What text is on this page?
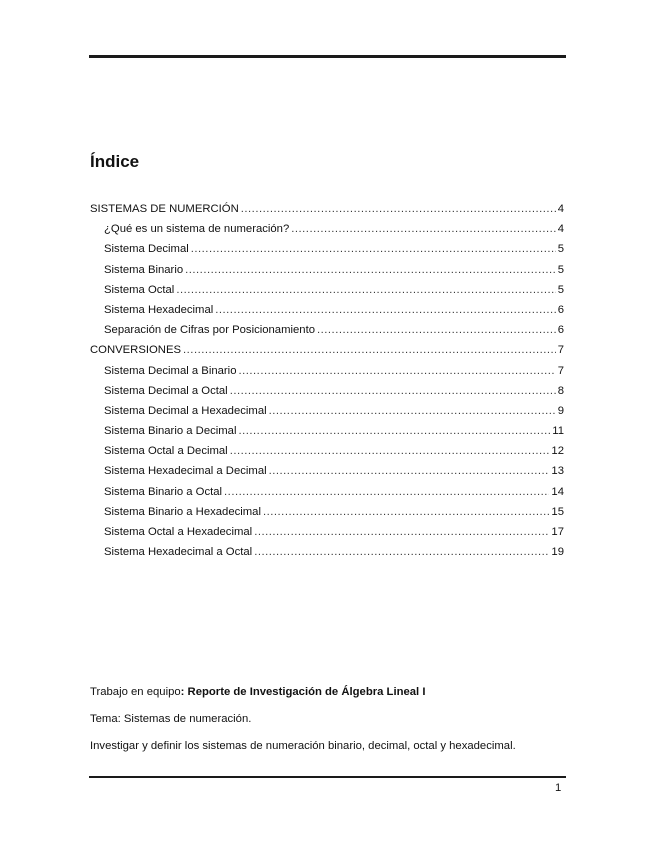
Índice
SISTEMAS DE NUMERCIÓN .....	4
¿Qué es un sistema de numeración? .....	4
Sistema Decimal .....	5
Sistema Binario .....	5
Sistema Octal .....	5
Sistema Hexadecimal .....	6
Separación de Cifras por Posicionamiento .....	6
CONVERSIONES .....	7
Sistema Decimal a Binario .....	7
Sistema Decimal a Octal .....	8
Sistema Decimal a Hexadecimal .....	9
Sistema Binario a Decimal .....	11
Sistema Octal a Decimal .....	12
Sistema Hexadecimal a Decimal .....	13
Sistema Binario a Octal .....	14
Sistema Binario a Hexadecimal .....	15
Sistema Octal a Hexadecimal .....	17
Sistema Hexadecimal a Octal .....	19
Trabajo en equipo: Reporte de Investigación de Álgebra Lineal I
Tema: Sistemas de numeración.
Investigar y definir los sistemas de numeración binario, decimal, octal y hexadecimal.
1
